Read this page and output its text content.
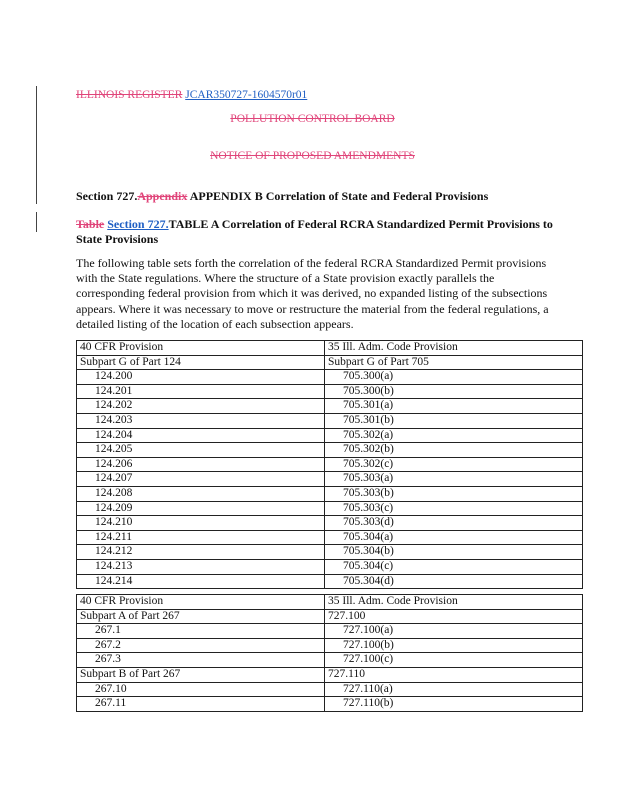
ILLINOIS REGISTER JCAR350727-1604570r01
POLLUTION CONTROL BOARD
NOTICE OF PROPOSED AMENDMENTS
Section 727.Appendix APPENDIX B Correlation of State and Federal Provisions
Table Section 727.TABLE A Correlation of Federal RCRA Standardized Permit Provisions to State Provisions
The following table sets forth the correlation of the federal RCRA Standardized Permit provisions with the State regulations. Where the structure of a State provision exactly parallels the corresponding federal provision from which it was derived, no expanded listing of the subsections appears. Where it was necessary to move or restructure the material from the federal regulations, a detailed listing of the location of each subsection appears.
40 CFR Provision	35 Ill. Adm. Code Provision
Subpart G of Part 124	Subpart G of Part 705
124.200	705.300(a)
124.201	705.300(b)
124.202	705.301(a)
124.203	705.301(b)
124.204	705.302(a)
124.205	705.302(b)
124.206	705.302(c)
124.207	705.303(a)
124.208	705.303(b)
124.209	705.303(c)
124.210	705.303(d)
124.211	705.304(a)
124.212	705.304(b)
124.213	705.304(c)
124.214	705.304(d)
40 CFR Provision	35 Ill. Adm. Code Provision
Subpart A of Part 267	727.100
267.1	727.100(a)
267.2	727.100(b)
267.3	727.100(c)
Subpart B of Part 267	727.110
267.10	727.110(a)
267.11	727.110(b)
